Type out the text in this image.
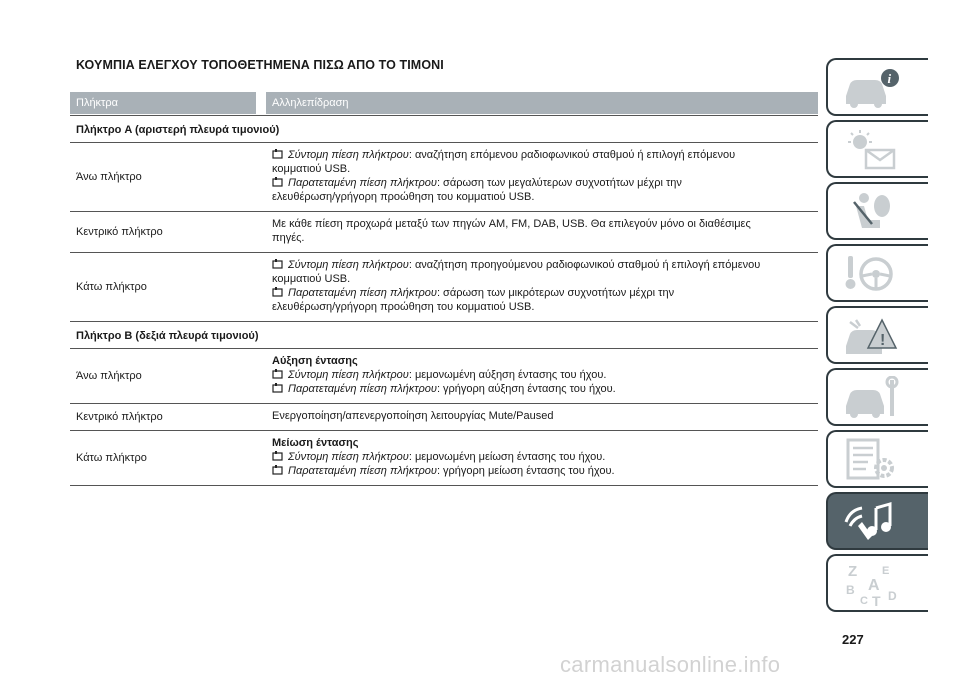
ΚΟΥΜΠΙΑ ΕΛΕΓΧΟΥ ΤΟΠΟΘΕΤΗΜΕΝΑ ΠΙΣΩ ΑΠΟ ΤΟ ΤΙΜΟΝΙ
Πλήκτρα	Αλληλεπίδραση
Πλήκτρο A (αριστερή πλευρά τιμονιού)
Άνω πλήκτρο
Σύντομη πίεση πλήκτρου: αναζήτηση επόμενου ραδιοφωνικού σταθμού ή επιλογή επόμενου
κομματιού USB.
Παρατεταμένη πίεση πλήκτρου: σάρωση των μεγαλύτερων συχνοτήτων μέχρι την
ελευθέρωση/γρήγορη προώθηση του κομματιού USB.
Κεντρικό πλήκτρο
Με κάθε πίεση προχωρά μεταξύ των πηγών AM, FM, DAB, USB. Θα επιλεγούν μόνο οι διαθέσιμες
πηγές.
Κάτω πλήκτρο
Σύντομη πίεση πλήκτρου: αναζήτηση προηγούμενου ραδιοφωνικού σταθμού ή επιλογή επόμενου
κομματιού USB.
Παρατεταμένη πίεση πλήκτρου: σάρωση των μικρότερων συχνοτήτων μέχρι την
ελευθέρωση/γρήγορη προώθηση του κομματιού USB.
Πλήκτρο B (δεξιά πλευρά τιμονιού)
Άνω πλήκτρο
Αύξηση έντασης
Σύντομη πίεση πλήκτρου: μεμονωμένη αύξηση έντασης του ήχου.
Παρατεταμένη πίεση πλήκτρου: γρήγορη αύξηση έντασης του ήχου.
Κεντρικό πλήκτρο	Ενεργοποίηση/απενεργοποίηση λειτουργίας Mute/Paused
Κάτω πλήκτρο
Μείωση έντασης
Σύντομη πίεση πλήκτρου: μεμονωμένη μείωση έντασης του ήχου.
Παρατεταμένη πίεση πλήκτρου: γρήγορη μείωση έντασης του ήχου.
i
!
Z E
A
B
C T D
227
carmanualsonline.info
